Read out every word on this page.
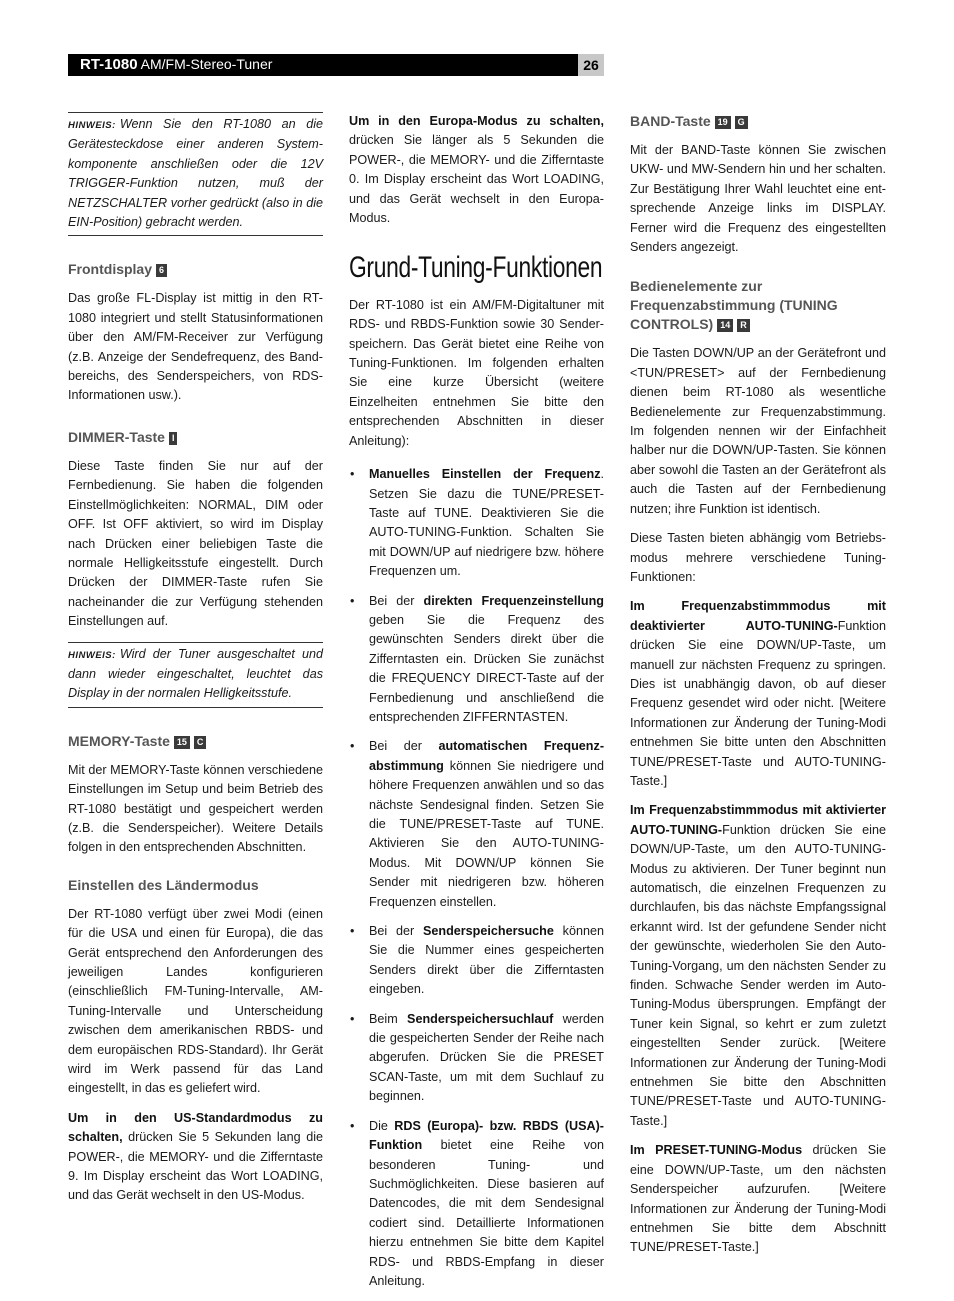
RT-1080 AM/FM-Stereo-Tuner	26
HINWEIS: Wenn Sie den RT-1080 an die Gerätesteckdose einer anderen Systemkomponente anschließen oder die 12V TRIGGER-Funktion nutzen, muß der NETZSCHALTER vorher gedrückt (also in die EIN-Position) gebracht werden.
Frontdisplay 6

Das große FL-Display ist mittig in den RT-1080 integriert und stellt Statusinformationen über den AM/FM-Receiver zur Verfügung (z.B. Anzeige der Sendefrequenz, des Bandbereichs, des Senderspeichers, von RDS-Informationen usw.).

DIMMER-Taste I

Diese Taste finden Sie nur auf der Fernbedienung. Sie haben die folgenden Einstellmöglichkeiten: NORMAL, DIM oder OFF. Ist OFF aktiviert, so wird im Display nach Drücken einer beliebigen Taste die normale Helligkeitsstufe eingestellt. Durch Drücken der DIMMER-Taste rufen Sie nacheinander die zur Verfügung stehenden Einstellungen auf.

HINWEIS: Wird der Tuner ausgeschaltet und dann wieder eingeschaltet, leuchtet das Display in der normalen Helligkeitsstufe.
MEMORY-Taste 15 C

Mit der MEMORY-Taste können verschiedene Einstellungen im Setup und beim Betrieb des RT-1080 bestätigt und gespeichert werden (z.B. die Senderspeicher). Weitere Details folgen in den entsprechenden Abschnitten.

Einstellen des Ländermodus

Der RT-1080 verfügt über zwei Modi (einen für die USA und einen für Europa), die das Gerät entsprechend den Anforderungen des jeweiligen Landes konfigurieren (einschließlich FM-Tuning-Intervalle, AM-Tuning-Intervalle und Unterscheidung zwischen dem amerikanischen RBDS- und dem europäischen RDS-Standard). Ihr Gerät wird im Werk passend für das Land eingestellt, in das es geliefert wird.

Um in den US-Standardmodus zu schalten, drücken Sie 5 Sekunden lang die POWER-, die MEMORY- und die Zifferntaste 9. Im Display erscheint das Wort LOADING, und das Gerät wechselt in den US-Modus.

Um in den Europa-Modus zu schalten, drücken Sie länger als 5 Sekunden die POWER-, die MEMORY- und die Zifferntaste 0. Im Display erscheint das Wort LOADING, und das Gerät wechselt in den Europa-Modus.

Grund-Tuning-Funktionen

Der RT-1080 ist ein AM/FM-Digitaltuner mit RDS- und RBDS-Funktion sowie 30 Senderspeichern. Das Gerät bietet eine Reihe von Tuning-Funktionen. Im folgenden erhalten Sie eine kurze Übersicht (weitere Einzelheiten entnehmen Sie bitte den entsprechenden Abschnitten in dieser Anleitung):

• Manuelles Einstellen der Frequenz. Setzen Sie dazu die TUNE/PRESET-Taste auf TUNE. Deaktivieren Sie die AUTO-TUNING-Funktion. Schalten Sie mit DOWN/UP auf niedrigere bzw. höhere Frequenzen um.
• Bei der direkten Frequenzeinstellung geben Sie die Frequenz des gewünschten Senders direkt über die Zifferntasten ein. Drücken Sie zunächst die FREQUENCY DIRECT-Taste auf der Fernbedienung und anschließend die entsprechenden ZIFFERNTASTEN.
• Bei der automatischen Frequenzabstimmung können Sie niedrigere und höhere Frequenzen anwählen und so das nächste Sendesignal finden. Setzen Sie die TUNE/PRESET-Taste auf TUNE. Aktivieren Sie den AUTO-TUNING-Modus. Mit DOWN/UP können Sie Sender mit niedrigeren bzw. höheren Frequenzen einstellen.
• Bei der Senderspeichersuche können Sie die Nummer eines gespeicherten Senders direkt über die Zifferntasten eingeben.
• Beim Senderspeichersuchlauf werden die gespeicherten Sender der Reihe nach abgerufen. Drücken Sie die PRESET SCAN-Taste, um mit dem Suchlauf zu beginnen.
• Die RDS (Europa)- bzw. RBDS (USA)-Funktion bietet eine Reihe von besonderen Tuning- und Suchmöglichkeiten. Diese basieren auf Datencodes, die mit dem Sendesignal codiert sind. Detaillierte Informationen hierzu entnehmen Sie bitte dem Kapitel RDS- und RBDS-Empfang in dieser Anleitung.
BAND-Taste 19 G

Mit der BAND-Taste können Sie zwischen UKW- und MW-Sendern hin und her schalten. Zur Bestätigung Ihrer Wahl leuchtet eine entsprechende Anzeige links im DISPLAY. Ferner wird die Frequenz des eingestellten Senders angezeigt.

Bedienelemente zur Frequenzabstimmung (TUNING CONTROLS) 14 R

Die Tasten DOWN/UP an der Gerätefront und <TUN/PRESET> auf der Fernbedienung dienen beim RT-1080 als wesentliche Bedienelemente zur Frequenzabstimmung. Im folgenden nennen wir der Einfachheit halber nur die DOWN/UP-Tasten. Sie können aber sowohl die Tasten an der Gerätefront als auch die Tasten auf der Fernbedienung nutzen; ihre Funktion ist identisch.

Diese Tasten bieten abhängig vom Betriebsmodus mehrere verschiedene Tuning-Funktionen:

Im Frequenzabstimmmodus mit deaktivierter AUTO-TUNING-Funktion drücken Sie eine DOWN/UP-Taste, um manuell zur nächsten Frequenz zu springen. Dies ist unabhängig davon, ob auf dieser Frequenz gesendet wird oder nicht. [Weitere Informationen zur Änderung der Tuning-Modi entnehmen Sie bitte unten den Abschnitten TUNE/PRESET-Taste und AUTO-TUNING-Taste.]

Im Frequenzabstimmmodus mit aktivierter AUTO-TUNING-Funktion drücken Sie eine DOWN/UP-Taste, um den AUTO-TUNING-Modus zu aktivieren. Der Tuner beginnt nun automatisch, die einzelnen Frequenzen zu durchlaufen, bis das nächste Empfangssignal erkannt wird. Ist der gefundene Sender nicht der gewünschte, wiederholen Sie den Auto-Tuning-Vorgang, um den nächsten Sender zu finden. Schwache Sender werden im Auto-Tuning-Modus übersprungen. Empfängt der Tuner kein Signal, so kehrt er zum zuletzt eingestellten Sender zurück. [Weitere Informationen zur Änderung der Tuning-Modi entnehmen Sie bitte den Abschnitten TUNE/PRESET-Taste und AUTO-TUNING-Taste.]

Im PRESET-TUNING-Modus drücken Sie eine DOWN/UP-Taste, um den nächsten Senderspeicher aufzurufen. [Weitere Informationen zur Änderung der Tuning-Modi entnehmen Sie bitte dem Abschnitt TUNE/PRESET-Taste.]
